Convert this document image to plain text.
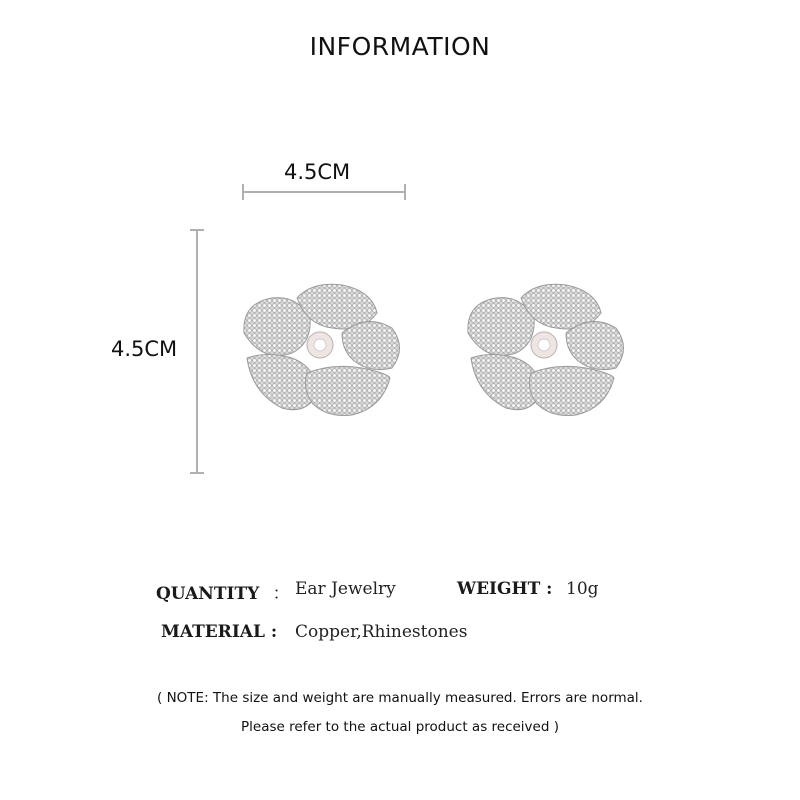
INFORMATION
4.5CM
4.5CM
QUANTITY ： Ear Jewelry	WEIGHT : 10g
MATERIAL : Copper,Rhinestones
( NOTE: The size and weight are manually measured. Errors are normal.
Please refer to the actual product as received )
